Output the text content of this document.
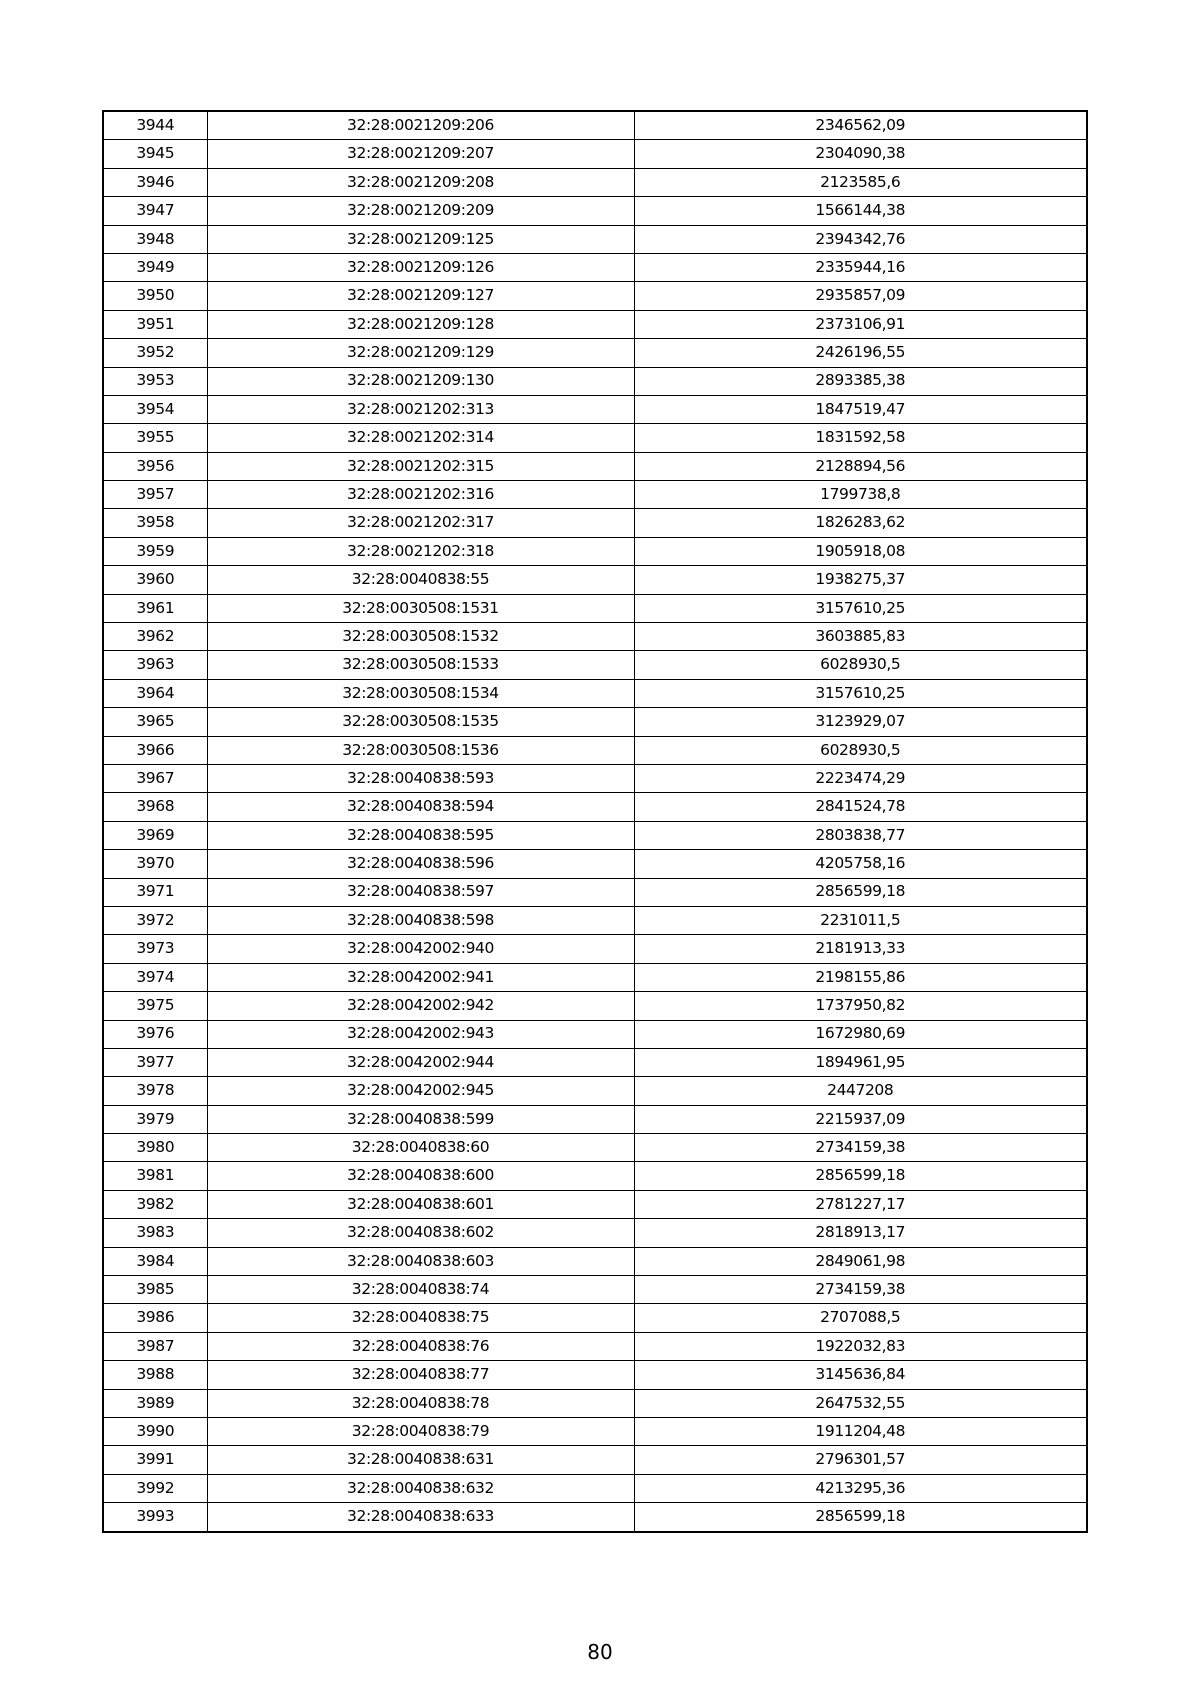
3944	32:28:0021209:206	2346562,09
3945	32:28:0021209:207	2304090,38
3946	32:28:0021209:208	2123585,6
3947	32:28:0021209:209	1566144,38
3948	32:28:0021209:125	2394342,76
3949	32:28:0021209:126	2335944,16
3950	32:28:0021209:127	2935857,09
3951	32:28:0021209:128	2373106,91
3952	32:28:0021209:129	2426196,55
3953	32:28:0021209:130	2893385,38
3954	32:28:0021202:313	1847519,47
3955	32:28:0021202:314	1831592,58
3956	32:28:0021202:315	2128894,56
3957	32:28:0021202:316	1799738,8
3958	32:28:0021202:317	1826283,62
3959	32:28:0021202:318	1905918,08
3960	32:28:0040838:55	1938275,37
3961	32:28:0030508:1531	3157610,25
3962	32:28:0030508:1532	3603885,83
3963	32:28:0030508:1533	6028930,5
3964	32:28:0030508:1534	3157610,25
3965	32:28:0030508:1535	3123929,07
3966	32:28:0030508:1536	6028930,5
3967	32:28:0040838:593	2223474,29
3968	32:28:0040838:594	2841524,78
3969	32:28:0040838:595	2803838,77
3970	32:28:0040838:596	4205758,16
3971	32:28:0040838:597	2856599,18
3972	32:28:0040838:598	2231011,5
3973	32:28:0042002:940	2181913,33
3974	32:28:0042002:941	2198155,86
3975	32:28:0042002:942	1737950,82
3976	32:28:0042002:943	1672980,69
3977	32:28:0042002:944	1894961,95
3978	32:28:0042002:945	2447208
3979	32:28:0040838:599	2215937,09
3980	32:28:0040838:60	2734159,38
3981	32:28:0040838:600	2856599,18
3982	32:28:0040838:601	2781227,17
3983	32:28:0040838:602	2818913,17
3984	32:28:0040838:603	2849061,98
3985	32:28:0040838:74	2734159,38
3986	32:28:0040838:75	2707088,5
3987	32:28:0040838:76	1922032,83
3988	32:28:0040838:77	3145636,84
3989	32:28:0040838:78	2647532,55
3990	32:28:0040838:79	1911204,48
3991	32:28:0040838:631	2796301,57
3992	32:28:0040838:632	4213295,36
3993	32:28:0040838:633	2856599,18
80
